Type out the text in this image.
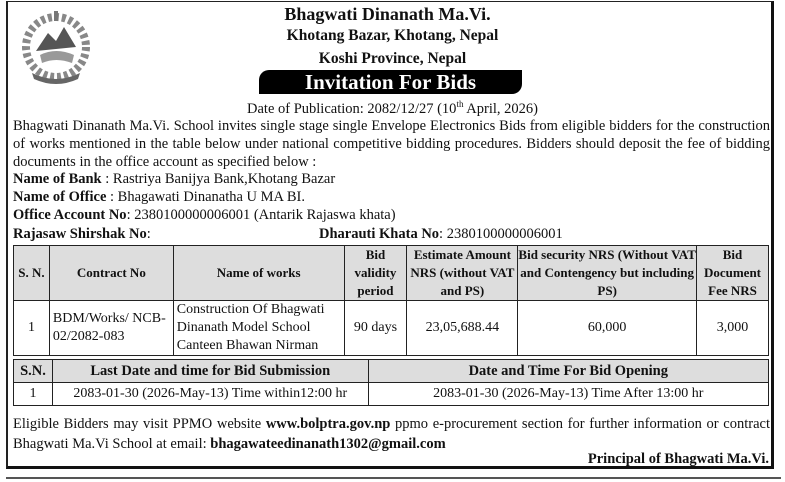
Bhagwati Dinanath Ma.Vi.
Khotang Bazar, Khotang, Nepal
Koshi Province, Nepal
Invitation For Bids
Date of Publication: 2082/12/27 (10th April, 2026)
Bhagwati Dinanath Ma.Vi. School invites single stage single Envelope Electronics Bids from eligible bidders for the construction of works mentioned in the table below under national competitive bidding procedures. Bidders should deposit the fee of bidding documents in the office account as specified below :
Name of Bank : Rastriya Banijya Bank,Khotang Bazar
Name of Office : Bhagawati Dinanatha U MA BI.
Office Account No: 2380100000006001 (Antarik Rajaswa khata)
Rajasaw Shirshak No:	Dharauti Khata No: 2380100000006001
S. N.	Contract No	Name of works	Bid validity period	Estimate Amount NRS (without VAT and PS)	Bid security NRS (Without VAT and Contengency but including PS)	Bid Document Fee NRS
1	BDM/Works/ NCB-02/2082-083	Construction Of Bhagwati Dinanath Model School Canteen Bhawan Nirman	90 days	23,05,688.44	60,000	3,000
S.N.	Last Date and time for Bid Submission	Date and Time For Bid Opening
1	2083-01-30 (2026-May-13) Time within12:00 hr	2083-01-30 (2026-May-13) Time After 13:00 hr
Eligible Bidders may visit PPMO website www.bolptra.gov.np ppmo e-procurement section for further information or contract Bhagwati Ma.Vi School at email: bhagawateedinanath1302@gmail.com
Principal of Bhagwati Ma.Vi.
